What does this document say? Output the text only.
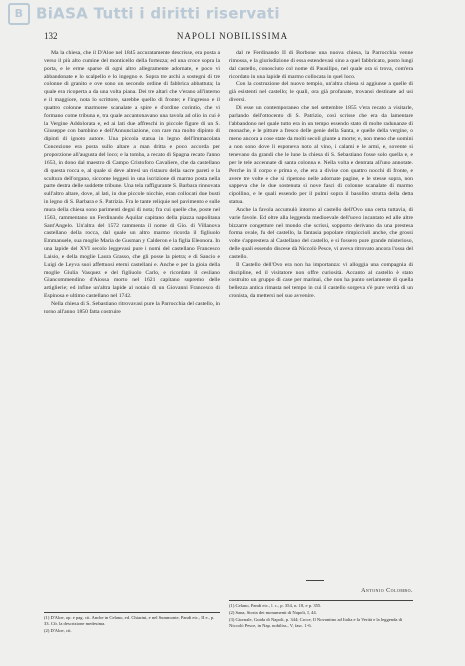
B BiASA Tutti i diritti riservati
132	NAPOLI NOBILISSIMA

Ma la chiesa, che il D'Aloe nel 1845 accuratamente descrisse, era posta a verso il più alto cumine del monticello della fortezza; ed una croce sopra la porta, e le erme sparse di ogni altro allegramente adornate, e poco vi abbandonate e lo scalpello e lo ingegno e. Sopra tre archi a sostegni di tre colonne di granito e ove sono un secondo ordine di fabbrica abbattuta; la quale era ricoperta a da una volta piana. Dei tre altari che v'erano all'interno e il maggiore, nota lo scrittore, sarebbe quello di fronte; e l'ingresso e il quattro colonne marmoree scanalate a spire e d'ordine corintio, che vi formano come tribuna e, tra quale accantonavano una tavola ad olio in cui è la Vergine Addolorata e, ed ai lati due affreschi in piccole figure di un S. Giuseppe con bambino e dell'Annunciazione, con rare ma molto dipinto di dipinti di ignoto autore. Una piccola statua in legno dell'Immacolata Concezione era posta sullo altare a man dritta e poco accorda per proporzione all'augusta del loco; e la tomba, a recato di Spagna recato l'anno 1653, in dono dal maestro di Campo Cristoforo Cavaliere, che da castellano di questa rocca e, al quale si deve altresì un ristauro della sacre pareti e la scultura dell'organo, siccome leggesi in una iscrizione di marmo posta nella parte destra delle suddette tribune. Una tela raffigurante S. Barbara rinnovata sull'altro altare, dove, al lati, in due piccole nicchie, eran collocati due busti in legno di S. Barbara e S. Patrizia. Fra le tante reliquie nel pavimento e sulle mura della chiesa sono parimenti degni di nota; fra cui quelle che, poste nel 1563, rammentano un Ferdinando Aquilar capitano della piazza napolitana Sant'Angelo. Un'altra del 1572 rammenta il nome di Gio. di Villanova castellano della rocca, dal quale un altro marmo ricorda il figliuolo Emmanuele, sua moglie Maria de Gusman y Calderon e la figlia Eleonora. In una lapide del XVI secolo leggevasi pure i nomi del castellano Francesco Laisio, e della moglie Laura Grasso, che gli posse la pietra; e di Sancio e Luigi de Leyva suoi affettuosi eterni castellani e. Anche e per la gioia della moglie Giulia Vasquez e del figliuolo Carlo, e ricordato il cesliano Giancommendino d'Aiossa morto nel 1621 capitano supremo delle artiglierie; ed infine un'altra lapide al notaio di un Giovanni Francesco di Espinosa e ultimo castellano nel 1742.

Nella chiesa di S. Sebastiano ritrovavasi pure la Parrocchia del castello, in torno all'anno 1850 fatta costruire

dal re Ferdinando II di Borbone una nuova chiesa, la Parrocchia venne rimossa, e la giurisdizione di essa estendevasi sino a quel fabbricato, posto lungi dal castello, conosciuto col nome di Pausilipo, nel quale ora si trova, com'era ricordato in una lapide di marmo collocata in quel loco.

Con la costruzione del nuovo tempio, un'altra chiesa si aggiunse a quelle di già esistenti nel castello; le quali, ora già profanate, trovansi destinate ad usi diversi.

Di esse un contemporaneo che nel settembre 1855 v'era recato a visitarle, parlando dell'ottocento di S. Patrizio, così scrisse che era da lamentare l'abbandono nel quale tutto era in un tempo essendo stato di molte radunanze di monache, e le pitture a fresco delle genie della Santa, e quelle della vergine, o meno ancora a cose state da molti secoli giunte a morte; e, non meno che uomini a non sono dove li esponeva noto al vino, i calami e le armi, e, sovente si tenevano da grandi che le lune la chiesa di S. Sebastiano fosse solo quella e, e per le tele accennate di santa colonna e. Nella volta e dentrata all'uno annotate. Perche in il corpo e prima e, che era a divise con quattro nocchi di fronte, e avere tre volte e che si ripetono nelle adornate pagine, e le stesse sopra, non sappeva che le due sostenuta sì nove fasci di colonne scanalate di marmo cipollino, e le quali essendo per il pulmi sopra il basolito strutta della detta statua.

Anche la favola accumulò intorno al castello dell'Ovo una certa tuttavia, di varie favole. Ed oltre alla leggenda medioevale dell'uovo incantato ed alle altre bizzarre congetture nel mondo che scrissi, sopporto derivano da una prestesa forma ovale, fu del castello, la fantasia popolare rimpiccioli anche, che grossi volte s'apprestera al Castellano del castello, e si fossero pure grande misterioso, delle quali essendo discese dà Niccolò Pesce, vi aveva ritrovato ancora l'ossa del castello.

Il Castello dell'Ovo era non ha importanza: vi alloggia una compagnia di discipline, ed il visitatore non offre curiosità. Accanto al castello è stato costruito un gruppo di case per marinai, che non ha punto seriamente di quella bellezza antica rimasta nel tempo in cui il castello sorgeva s'è pure verità di un cronista, da mettersi nel suo avvenire.

Antonio Colombo.

(1) D'Aloe, op. e pag. cit. Anche in Celano, ed. Chiarini, e nel Summonte, Pandi etc., II e., p. 33. Cfr. la descrizione medesima.

(2) D'Aloe, cit.

(1) Celano, Pandi etc., l. c., p. 354, n. 18, e p. 355.

(2) Sana, Storia dei monumenti di Napoli, I, 44.

(3) Giornale, Guida di Napoli, p. 344; Croce, Il Novantino ad Italia e la Verità e la leggenda di Niccolò Pesce, in Nap. nobiliss., V, fasc. 1-6.
